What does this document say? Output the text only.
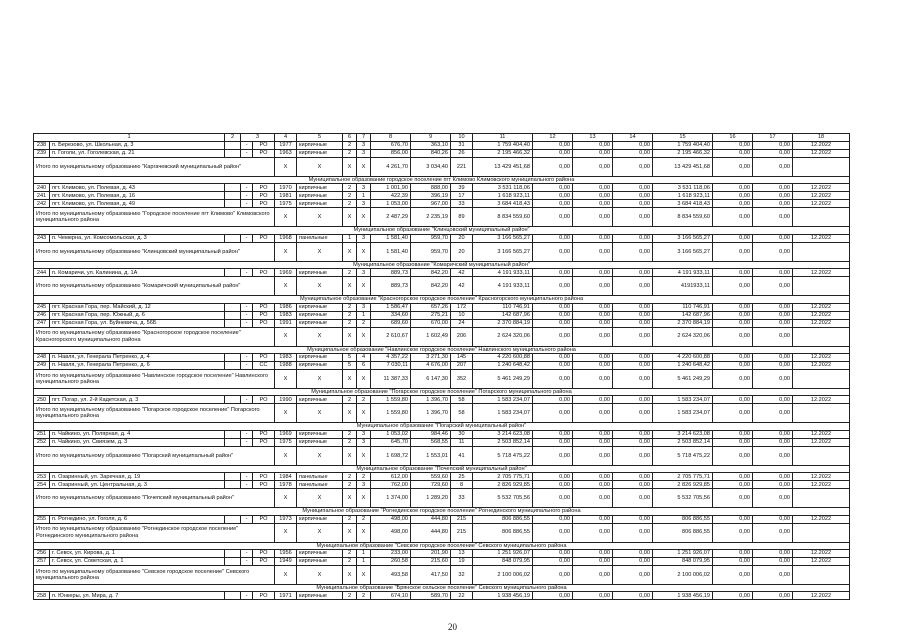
1		2	3		4	5	6	7	8	9	10	11	12	13	14	15	16	17	18	
238	п. Березово, ул. Школьная, д. 3		-	РО	1977	кирпичные	2	3	676,70	363,10	31	1 759 404,40	0,00	0,00	0,00	1 759 404,40	0,00	0,00	12.2022	
239	п. Гоголи, ул. Гоголевская, д. 21		-	РО	1963	кирпичные	2	3	856,00	840,26	26	2 195 466,32	0,00	0,00	0,00	2 195 466,32	0,00	0,00	12.2022	
Итого по муниципальному образованию "Каргачевский муниципальный район"					X	X	X	X	4 261,70	3 034,40	221	13 429 451,68	0,00	0,00	0,00	13 429 451,68	0,00	0,00		
Муниципальное образование городское поселение пгт Климово Климовского муниципального района																				
240	пгт. Климово, ул. Полевая, д. 43		-	РО	1970	кирпичные	2	3	1 001,90	888,00	39	3 531 118,06	0,00	0,00	0,00	3 531 118,06	0,00	0,00	12.2022	
241	пгт. Климово, ул. Полевая, д. 16		-	РО	1981	кирпичные	2	1	422,39	396,19	17	1 618 923,11	0,00	0,00	0,00	1 618 923,11	0,00	0,00	12.2022	
242	пгт. Климово, ул. Полевая, д. 49		-	РО	1975	кирпичные	2	3	1 053,00	967,00	33	3 684 418,43	0,00	0,00	0,00	3 684 418,43	0,00	0,00	12.2022	
Итого по муниципальному образованию "Городское поселение пгт Климово" Климовского муниципального района					X	X	X	X	2 487,29	2 235,19	89	8 834 559,60	0,00	0,00	0,00	8 834 559,60	0,00	0,00		
Муниципальное образование "Клинцовский муниципальный район"																				
243	п. Чемерна, ул. Комсомольская, д. 3		-	РО	1968	панельные	1	3	1 581,40	959,70	20	3 166 565,27	0,00	0,00	0,00	3 166 565,27	0,00	0,00	12.2022	
Итого по муниципальному образованию "Клинцовский муниципальный район"					X	X	X	X	1 581,40	959,70	20	3 166 565,27	0,00	0,00	0,00	3 166 565,27	0,00	0,00		
Муниципальное образование "Комаричский муниципальный район"																				
244	п. Комаричи, ул. Калинина, д. 1А		-	РО	1969	кирпичные	2	3	889,73	842,20	42	4 191 933,11	0,00	0,00	0,00	4 191 933,11	0,00	0,00	12.2022	
Итого по муниципальному образованию "Комаричский муниципальный район"					X	X	X	X	889,73	842,20	42	4 191 933,11	0,00	0,00	0,00	4191933,11	0,00	0,00		
Муниципальное образование "Красногорское городское поселение" Красногорского муниципального района																				
245	пгт. Красная Гора, пер. Майский, д. 12		-	РО	1986	кирпичные	2	3	1 586,47	657,26	172	110 746,91	0,00	0,00	0,00	110 746,91	0,00	0,00	12.2022	
246	пгт. Красная Гора, пер. Южный, д. 6		-	РО	1983	кирпичные	2	1	334,60	275,21	10	142 687,96	0,00	0,00	0,00	142 687,96	0,00	0,00	12.2022	
247	пгт. Красная Гора, ул. Буйневича, д. 56Б		-	РО	1991	кирпичные	2	2	689,60	670,00	24	2 370 884,19	0,00	0,00	0,00	2 370 884,19	0,00	0,00	12.2022	
Итого по муниципальному образованию "Красногорское городское поселение" Красногорского муниципального района					X	X	X	X	2 610,67	1 602,49	206	2 624 320,06	0,00	0,00	0,00	2 624 320,06	0,00	0,00		
Муниципальное образование "Навлинское городское поселение" Навлинского муниципального района																				
248	п. Навля, ул. Генерала Петренко, д. 4		-	РО	1983	кирпичные	5	4	4 357,22	3 271,30	145	4 220 600,88	0,00	0,00	0,00	4 220 600,88	0,00	0,00	12.2022	
249	п. Навля, ул. Генерала Петренко, д. 6		-	СС	1988	кирпичные	5	6	7 030,11	4 676,00	207	1 240 648,42	0,00	0,00	0,00	1 240 648,42	0,00	0,00	12.2022	
Итого по муниципальному образованию "Навлинское городское поселение" Навлинского муниципального района					X	X	X	X	11 387,33	6 147,30	352	5 461 249,29	0,00	0,00	0,00	5 461 249,29	0,00	0,00		
Муниципальное образование "Погарское городское поселение" Погарского муниципального района																				
250	пгт. Погар, ул. 2-й Кадетская, д. 3		-	РО	1990	кирпичные	2	2	1 559,80	1 396,70	58	1 583 234,07	0,00	0,00	0,00	1 583 234,07	0,00	0,00	12.2022	
Итого по муниципальному образованию "Погарское городское поселение" Погарского муниципального района					X	X	X	X	1 559,80	1 396,70	58	1 583 234,07	0,00	0,00	0,00	1 583 234,07	0,00	0,00		
Муниципальное образование "Погарский муниципальный район"																				
251	п. Чайкино, ул. Полярная, д. 4		-	РО	1969	кирпичные	2	3	1 053,02	984,46	30	3 214 623,08	0,00	0,00	0,00	3 214 623,08	0,00	0,00	12.2022	
252	п. Чайкино, ул. Свиязем, д. 3		-	РО	1975	кирпичные	2	3	645,70	568,55	11	2 503 852,14	0,00	0,00	0,00	2 503 852,14	0,00	0,00	12.2022	
Итого по муниципальному образованию "Погарский муниципальный район"					X	X	X	X	1 698,72	1 553,01	41	5 718 475,22	0,00	0,00	0,00	5 718 475,22	0,00	0,00		
Муниципальное образование "Почепский муниципальный район"																				
253	п. Озаринный, ул. Заречная, д. 19		-	РО	1984	панельные	2	2	612,00	559,60	25	2 705 775,71	0,00	0,00	0,00	2 705 775,71	0,00	0,00	12.2022	
254	п. Озаринный, ул. Центральная, д. 3		-	РО	1978	панельные	2	3	762,00	729,60	8	2 826 929,85	0,00	0,00	0,00	2 826 929,85	0,00	0,00	12.2022	
Итого по муниципальному образованию "Почепский муниципальный район"					X	X	X	X	1 374,00	1 289,20	33	5 532 705,56	0,00	0,00	0,00	5 532 705,56	0,00	0,00		
Муниципальное образование "Рогнединское городское поселение" Рогнединского муниципального района																				
255	п. Рогнедино, ул. Гоголя, д. 6		-	РО	1973	кирпичные	2	2	498,00	444,80	215	806 886,55	0,00	0,00	0,00	806 886,55	0,00	0,00	12.2022	
Итого по муниципальному образованию "Рогнединское городское поселение" Рогнединского муниципального района					X	X	X	X	498,00	444,80	215	806 886,55	0,00	0,00	0,00	806 886,55	0,00	0,00		
Муниципальное образование "Севское городское поселение" Севского муниципального района																				
256	г. Севск, ул. Кирова, д. 1		-	РО	1956	кирпичные	2	1	233,00	201,90	13	1 251 926,07	0,00	0,00	0,00	1 251 926,07	0,00	0,00	12.2022	
257	г. Севск, ул. Советская, д. 1		-	РО	1949	кирпичные	2	1	260,58	215,60	19	848 079,95	0,00	0,00	0,00	848 079,95	0,00	0,00	12.2022	
Итого по муниципальному образованию "Севское городское поселение" Севского муниципального района					X	X	X	X	493,58	417,50	32	2 100 006,02	0,00	0,00	0,00	2 100 006,02	0,00	0,00		
Муниципальное образование "Брянское сельское поселение" Севского муниципального района																				
258	п. Юнкеры, ул. Мира, д. 7		-	РО	1971	кирпичные	2	2	674,10	589,70	22	1 938 456,19	0,00	0,00	0,00	1 938 456,19	0,00	0,00	12.2022	
20
